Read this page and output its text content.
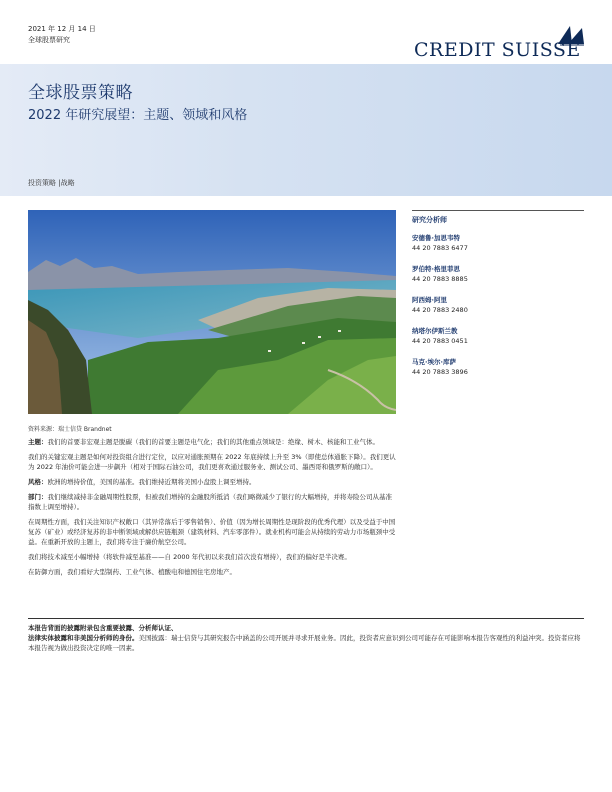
2021 年 12 月 14 日
全球股票研究	CREDIT SUISSE
全球股票策略
2022 年研究展望：主题、领域和风格
投资策略 |战略
资料来源：瑞士信贷 Brandnet
研究分析师
安德鲁·加思韦特
44 20 7883 6477
罗伯特·格里菲思
44 20 7883 8885
阿西姆·阿里
44 20 7883 2480
纳塔尔伊斯兰教
44 20 7883 0451
马克·埃尔·库萨
44 20 7883 3896

主题：我们的首要非宏观主题是脱碳（我们的首要主题是电气化；我们的其他重点领域是：绝缘、树木、核能和工业气体。

我们的关键宏观主题是如何对投资组合进行定位，以应对通胀预期在 2022 年底持续上升至 3%（即使总体通胀下降）。我们更认为 2022 年油价可能会进一步飙升（相对于国际石油公司，我们更喜欢通过服务业、测试公司、墨西哥和俄罗斯的敞口）。

风格：欧洲的增持价值，美国的基准。我们维持近期将美国小盘股上调至增持。

部门：我们继续减持非金融周期性股票，但被我们增持的金融股所抵消（我们略微减少了银行的大幅增持，并将寿险公司从基准指数上调至增持）。

在周期性方面，我们关注知识产权敞口（其异常落后于零售销售）、价值（因为增长周期性是现阶段的优秀代理）以及受益于中国复苏（矿业）或经济复苏的非中断领域或解供应链瓶颈（建筑材料、汽车零部件）。就业机构可能会从持续的劳动力市场瓶颈中受益。在重新开放的主题上，我们将专注于廉价航空公司。

我们将技术减至小幅增持（将软件减至基准——自 2000 年代初以来我们首次没有增持），我们的偏好是半决赛。

在防御方面，我们看好大型制药、工业气体、植酸电和德国住宅房地产。

本报告背面的披露附录包含重要披露、分析师认证、
法律实体披露和非美国分析师的身份。美国披露：瑞士信贷与其研究报告中涵盖的公司开展并寻求开展业务。因此，投资者应意识到公司可能存在可能影响本报告客观性的利益冲突。投资者应将本报告视为做出投资决定的唯一因素。
